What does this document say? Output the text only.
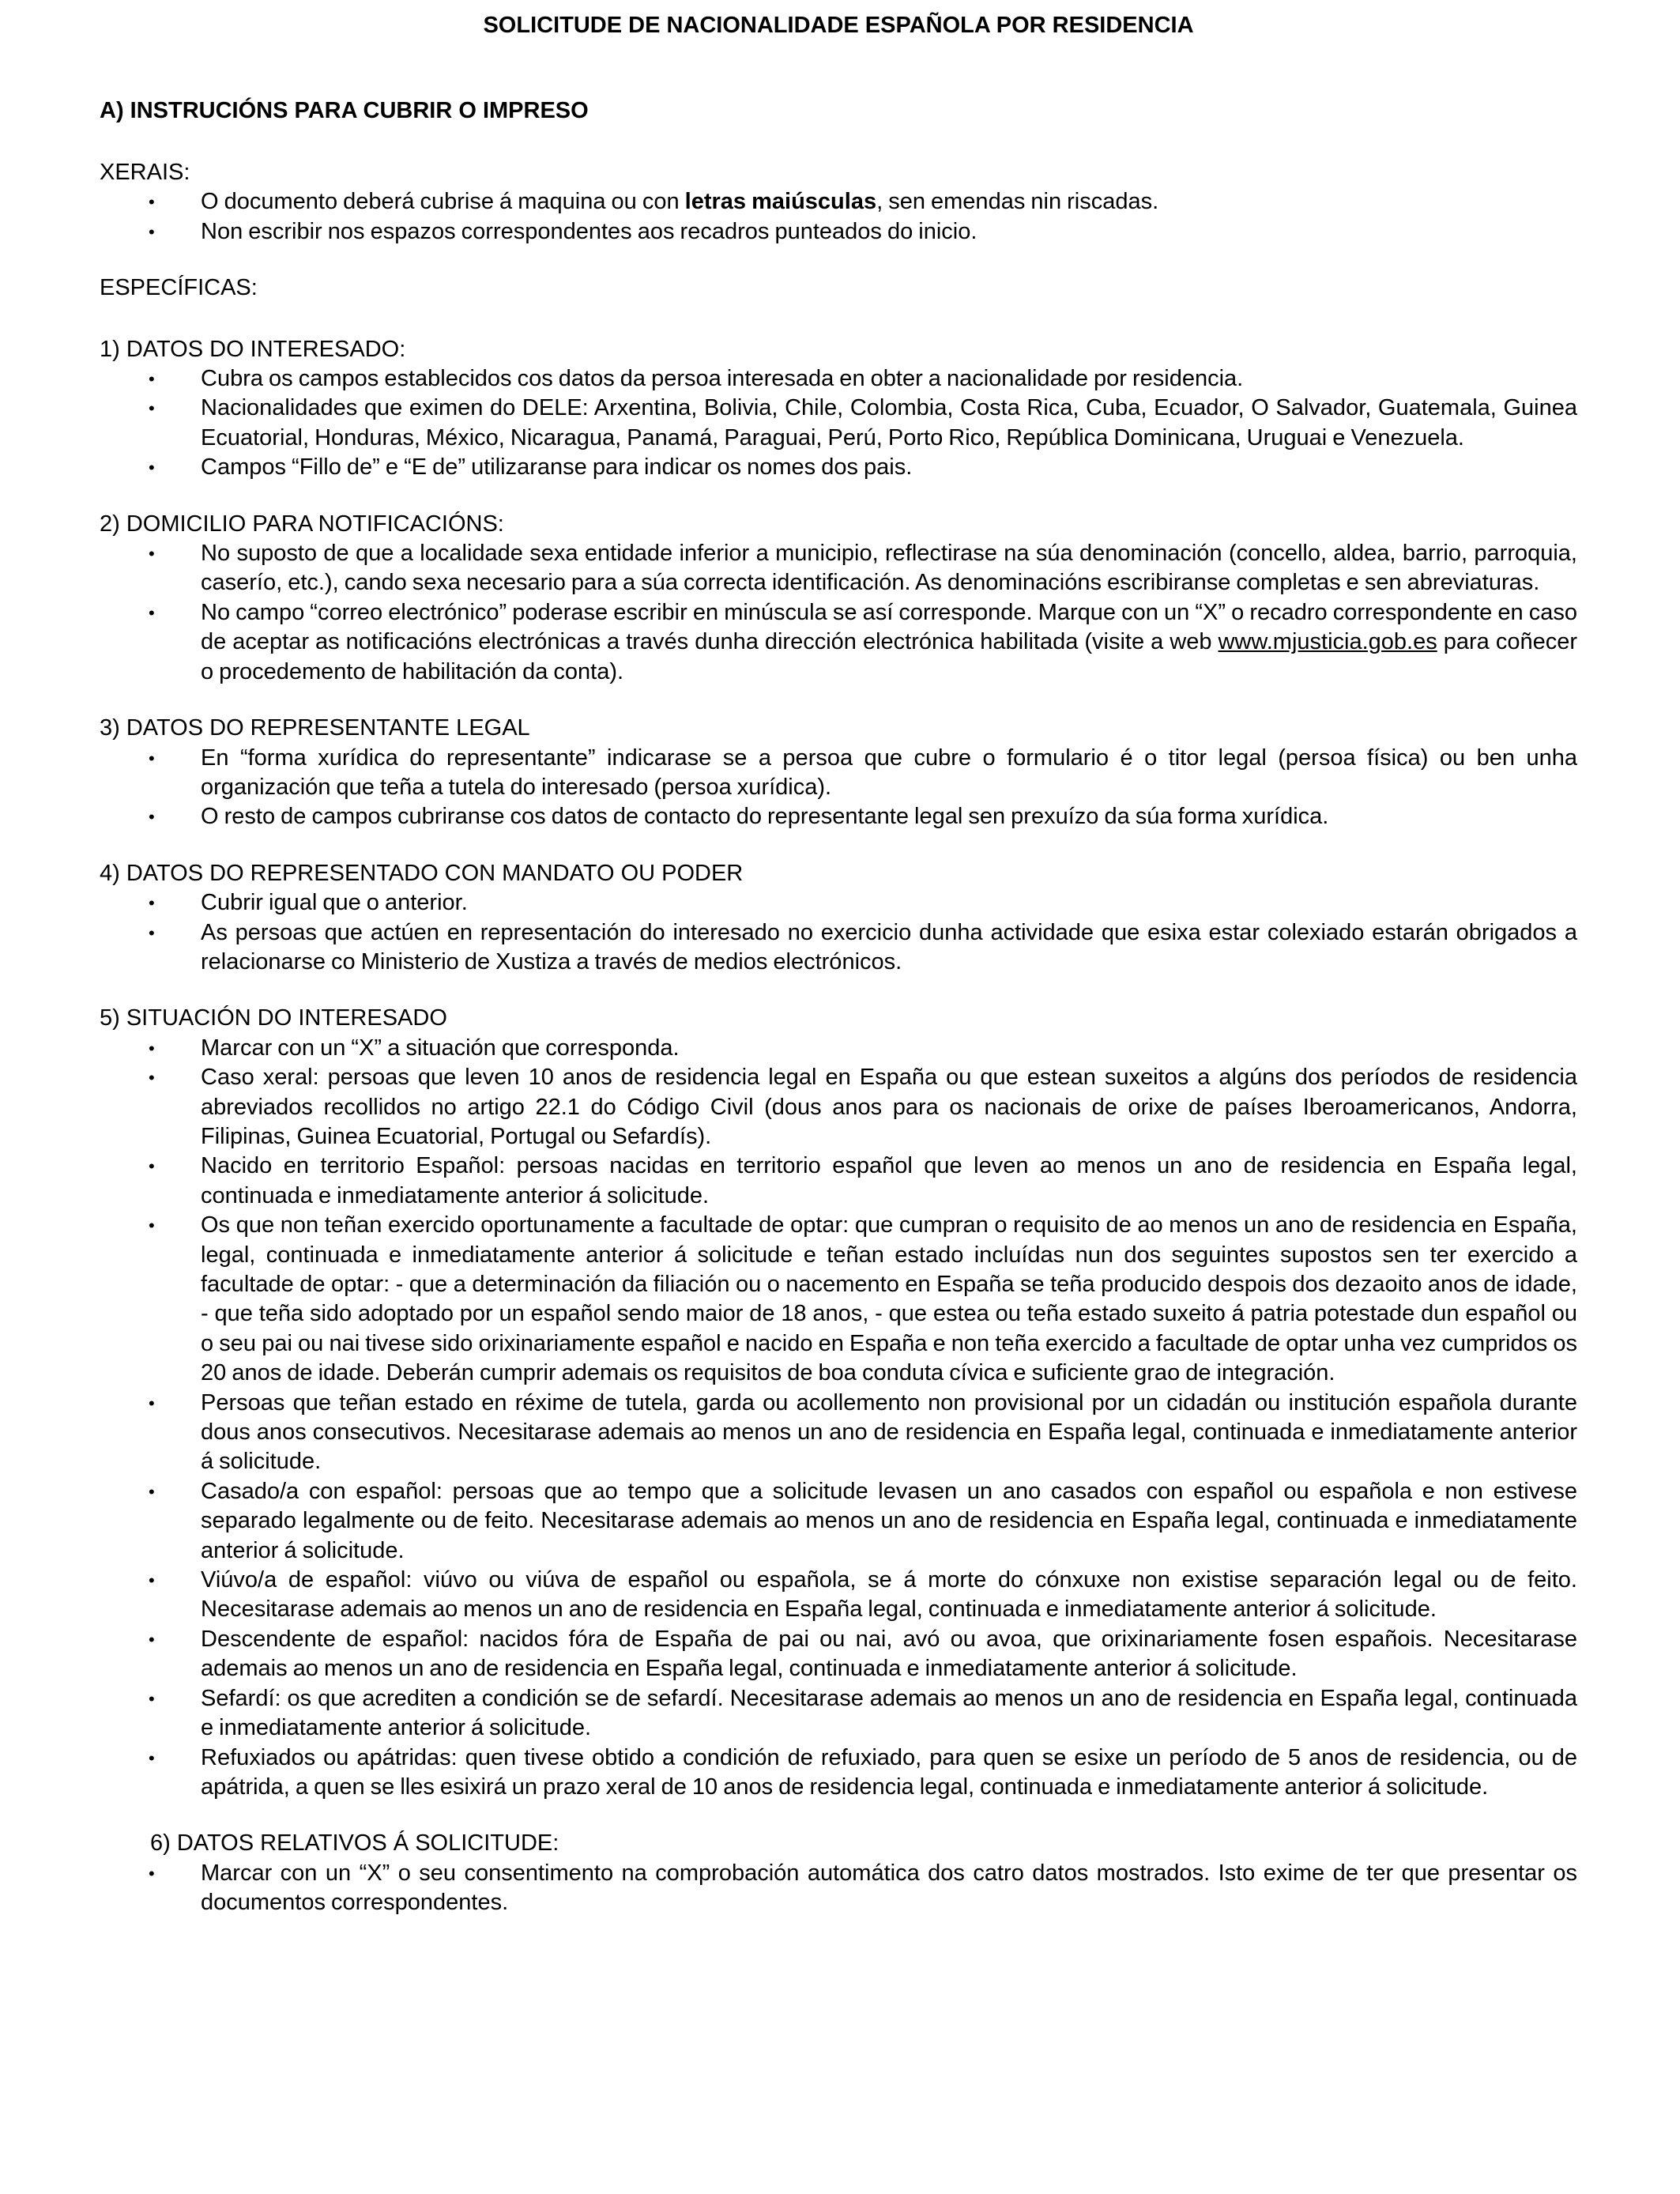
SOLICITUDE DE NACIONALIDADE ESPAÑOLA POR RESIDENCIA
A) INSTRUCIÓNS PARA CUBRIR O IMPRESO

XERAIS:

• O documento deberá cubrise á maquina ou con letras maiúsculas, sen emendas nin riscadas.
• Non escribir nos espazos correspondentes aos recadros punteados do inicio.

ESPECÍFICAS:

1) DATOS DO INTERESADO:

• Cubra os campos establecidos cos datos da persoa interesada en obter a nacionalidade por residencia.
• Nacionalidades que eximen do DELE: Arxentina, Bolivia, Chile, Colombia, Costa Rica, Cuba, Ecuador, O Salvador, Guatemala, Guinea Ecuatorial, Honduras, México, Nicaragua, Panamá, Paraguai, Perú, Porto Rico, República Dominicana, Uruguai e Venezuela.
• Campos “Fillo de” e “E de” utilizaranse para indicar os nomes dos pais.

2) DOMICILIO PARA NOTIFICACIÓNS:

• No suposto de que a localidade sexa entidade inferior a municipio, reflectirase na súa denominación (concello, aldea, barrio, parroquia, caserío, etc.), cando sexa necesario para a súa correcta identificación. As denominacións escribiranse completas e sen abreviaturas.
• No campo “correo electrónico” poderase escribir en minúscula se así corresponde. Marque con un “X” o recadro correspondente en caso de aceptar as notificacións electrónicas a través dunha dirección electrónica habilitada (visite a web www.mjusticia.gob.es para coñecer o procedemento de habilitación da conta).

3) DATOS DO REPRESENTANTE LEGAL

• En “forma xurídica do representante” indicarase se a persoa que cubre o formulario é o titor legal (persoa física) ou ben unha organización que teña a tutela do interesado (persoa xurídica).
• O resto de campos cubriranse cos datos de contacto do representante legal sen prexuízo da súa forma xurídica.

4) DATOS DO REPRESENTADO CON MANDATO OU PODER

• Cubrir igual que o anterior.
• As persoas que actúen en representación do interesado no exercicio dunha actividade que esixa estar colexiado estarán obrigados a relacionarse co Ministerio de Xustiza a través de medios electrónicos.

5) SITUACIÓN DO INTERESADO

• Marcar con un “X” a situación que corresponda.
• Caso xeral: persoas que leven 10 anos de residencia legal en España ou que estean suxeitos a algúns dos períodos de residencia abreviados recollidos no artigo 22.1 do Código Civil (dous anos para os nacionais de orixe de países Iberoamericanos, Andorra, Filipinas, Guinea Ecuatorial, Portugal ou Sefardís).
• Nacido en territorio Español: persoas nacidas en territorio español que leven ao menos un ano de residencia en España legal, continuada e inmediatamente anterior á solicitude.
• Os que non teñan exercido oportunamente a facultade de optar: que cumpran o requisito de ao menos un ano de residencia en España, legal, continuada e inmediatamente anterior á solicitude e teñan estado incluídas nun dos seguintes supostos sen ter exercido a facultade de optar: - que a determinación da filiación ou o nacemento en España se teña producido despois dos dezaoito anos de idade, - que teña sido adoptado por un español sendo maior de 18 anos, - que estea ou teña estado suxeito á patria potestade dun español ou o seu pai ou nai tivese sido orixinariamente español e nacido en España e non teña exercido a facultade de optar unha vez cumpridos os 20 anos de idade. Deberán cumprir ademais os requisitos de boa conduta cívica e suficiente grao de integración.
• Persoas que teñan estado en réxime de tutela, garda ou acollemento non provisional por un cidadán ou institución española durante dous anos consecutivos. Necesitarase ademais ao menos un ano de residencia en España legal, continuada e inmediatamente anterior á solicitude.
• Casado/a con español: persoas que ao tempo que a solicitude levasen un ano casados con español ou española e non estivese separado legalmente ou de feito. Necesitarase ademais ao menos un ano de residencia en España legal, continuada e inmediatamente anterior á solicitude.
• Viúvo/a de español: viúvo ou viúva de español ou española, se á morte do cónxuxe non existise separación legal ou de feito. Necesitarase ademais ao menos un ano de residencia en España legal, continuada e inmediatamente anterior á solicitude.
• Descendente de español: nacidos fóra de España de pai ou nai, avó ou avoa, que orixinariamente fosen españois. Necesitarase ademais ao menos un ano de residencia en España legal, continuada e inmediatamente anterior á solicitude.
• Sefardí: os que acrediten a condición se de sefardí. Necesitarase ademais ao menos un ano de residencia en España legal, continuada e inmediatamente anterior á solicitude.
• Refuxiados ou apátridas: quen tivese obtido a condición de refuxiado, para quen se esixe un período de 5 anos de residencia, ou de apátrida, a quen se lles esixirá un prazo xeral de 10 anos de residencia legal, continuada e inmediatamente anterior á solicitude.

6) DATOS RELATIVOS Á SOLICITUDE:

• Marcar con un “X” o seu consentimento na comprobación automática dos catro datos mostrados. Isto exime de ter que presentar os documentos correspondentes.
